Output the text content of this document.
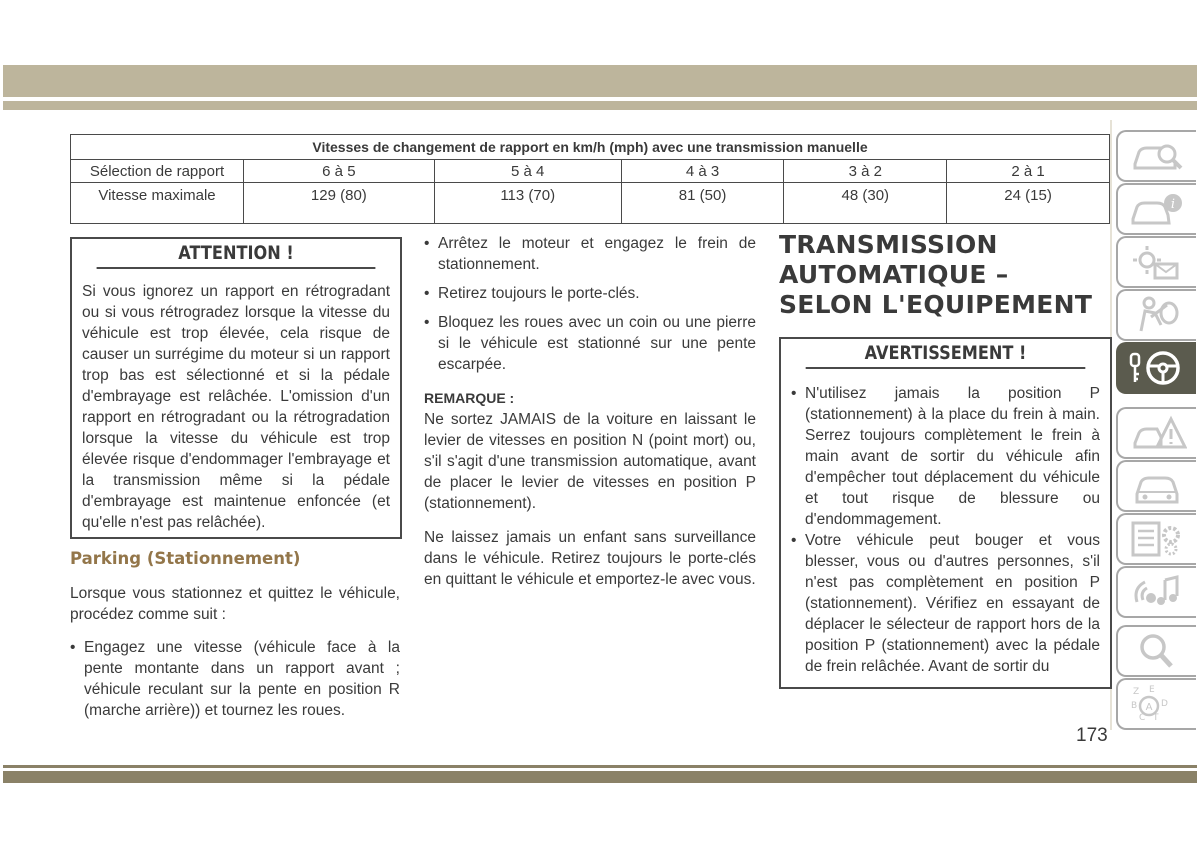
Vitesses de changement de rapport en km/h (mph) avec une transmission manuelle					
Sélection de rapport	6 à 5	5 à 4	4 à 3	3 à 2	2 à 1
Vitesse maximale	129 (80)	113 (70)	81 (50)	48 (30)	24 (15)
ATTENTION !
Si vous ignorez un rapport en rétrogradant ou si vous rétrogradez lorsque la vitesse du véhicule est trop élevée, cela risque de causer un surrégime du moteur si un rapport trop bas est sélectionné et si la pédale d'embrayage est relâchée. L'omission d'un rapport en rétrogradant ou la rétrogradation lorsque la vitesse du véhicule est trop élevée risque d'endommager l'embrayage et la transmission même si la pédale d'embrayage est maintenue enfoncée (et qu'elle n'est pas relâchée).
Parking (Stationnement)

Lorsque vous stationnez et quittez le véhicule, procédez comme suit :

• Engagez une vitesse (véhicule face à la pente montante dans un rapport avant ; véhicule reculant sur la pente en position R (marche arrière)) et tournez les roues.
• Arrêtez le moteur et engagez le frein de stationnement.
• Retirez toujours le porte-clés.
• Bloquez les roues avec un coin ou une pierre si le véhicule est stationné sur une pente escarpée.
REMARQUE :

Ne sortez JAMAIS de la voiture en laissant le levier de vitesses en position N (point mort) ou, s'il s'agit d'une transmission automatique, avant de placer le levier de vitesses en position P (stationnement).

Ne laissez jamais un enfant sans surveillance dans le véhicule. Retirez toujours le porte-clés en quittant le véhicule et emportez-le avec vous.

TRANSMISSION AUTOMATIQUE – SELON L'EQUIPEMENT
AVERTISSEMENT !
• N'utilisez jamais la position P (stationnement) à la place du frein à main. Serrez toujours complètement le frein à main avant de sortir du véhicule afin d'empêcher tout déplacement du véhicule et tout risque de blessure ou d'endommagement.
• Votre véhicule peut bouger et vous blesser, vous ou d'autres personnes, s'il n'est pas complètement en position P (stationnement). Vérifiez en essayant de déplacer le sélecteur de rapport hors de la position P (stationnement) avec la pédale de frein relâchée. Avant de sortir du
i
Z E
B	D
C T
A
173
